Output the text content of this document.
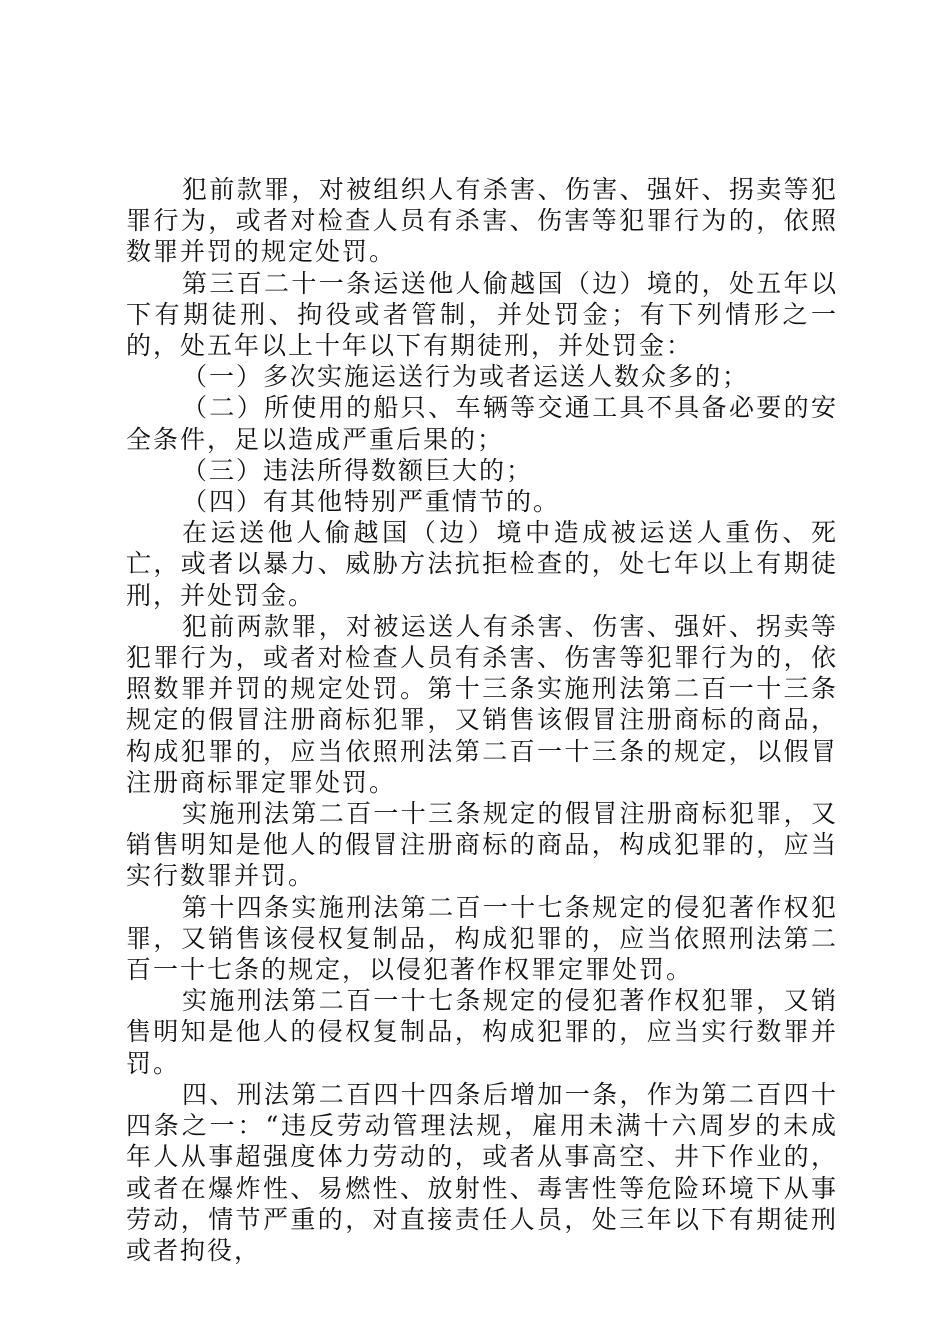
犯前款罪，对被组织人有杀害、伤害、强奸、拐卖等犯罪行为，或者对检查人员有杀害、伤害等犯罪行为的，依照数罪并罚的规定处罚。

第三百二十一条运送他人偷越国（边）境的，处五年以下有期徒刑、拘役或者管制，并处罚金；有下列情形之一的，处五年以上十年以下有期徒刑，并处罚金：

（一）多次实施运送行为或者运送人数众多的；

（二）所使用的船只、车辆等交通工具不具备必要的安全条件，足以造成严重后果的；

（三）违法所得数额巨大的；

（四）有其他特别严重情节的。

在运送他人偷越国（边）境中造成被运送人重伤、死亡，或者以暴力、威胁方法抗拒检查的，处七年以上有期徒刑，并处罚金。

犯前两款罪，对被运送人有杀害、伤害、强奸、拐卖等犯罪行为，或者对检查人员有杀害、伤害等犯罪行为的，依照数罪并罚的规定处罚。第十三条实施刑法第二百一十三条规定的假冒注册商标犯罪，又销售该假冒注册商标的商品，构成犯罪的，应当依照刑法第二百一十三条的规定，以假冒注册商标罪定罪处罚。

实施刑法第二百一十三条规定的假冒注册商标犯罪，又销售明知是他人的假冒注册商标的商品，构成犯罪的，应当实行数罪并罚。

第十四条实施刑法第二百一十七条规定的侵犯著作权犯罪，又销售该侵权复制品，构成犯罪的，应当依照刑法第二百一十七条的规定，以侵犯著作权罪定罪处罚。

实施刑法第二百一十七条规定的侵犯著作权犯罪，又销售明知是他人的侵权复制品，构成犯罪的，应当实行数罪并罚。

四、刑法第二百四十四条后增加一条，作为第二百四十四条之一：“违反劳动管理法规，雇用未满十六周岁的未成年人从事超强度体力劳动的，或者从事高空、井下作业的，或者在爆炸性、易燃性、放射性、毒害性等危险环境下从事劳动，情节严重的，对直接责任人员，处三年以下有期徒刑或者拘役，
